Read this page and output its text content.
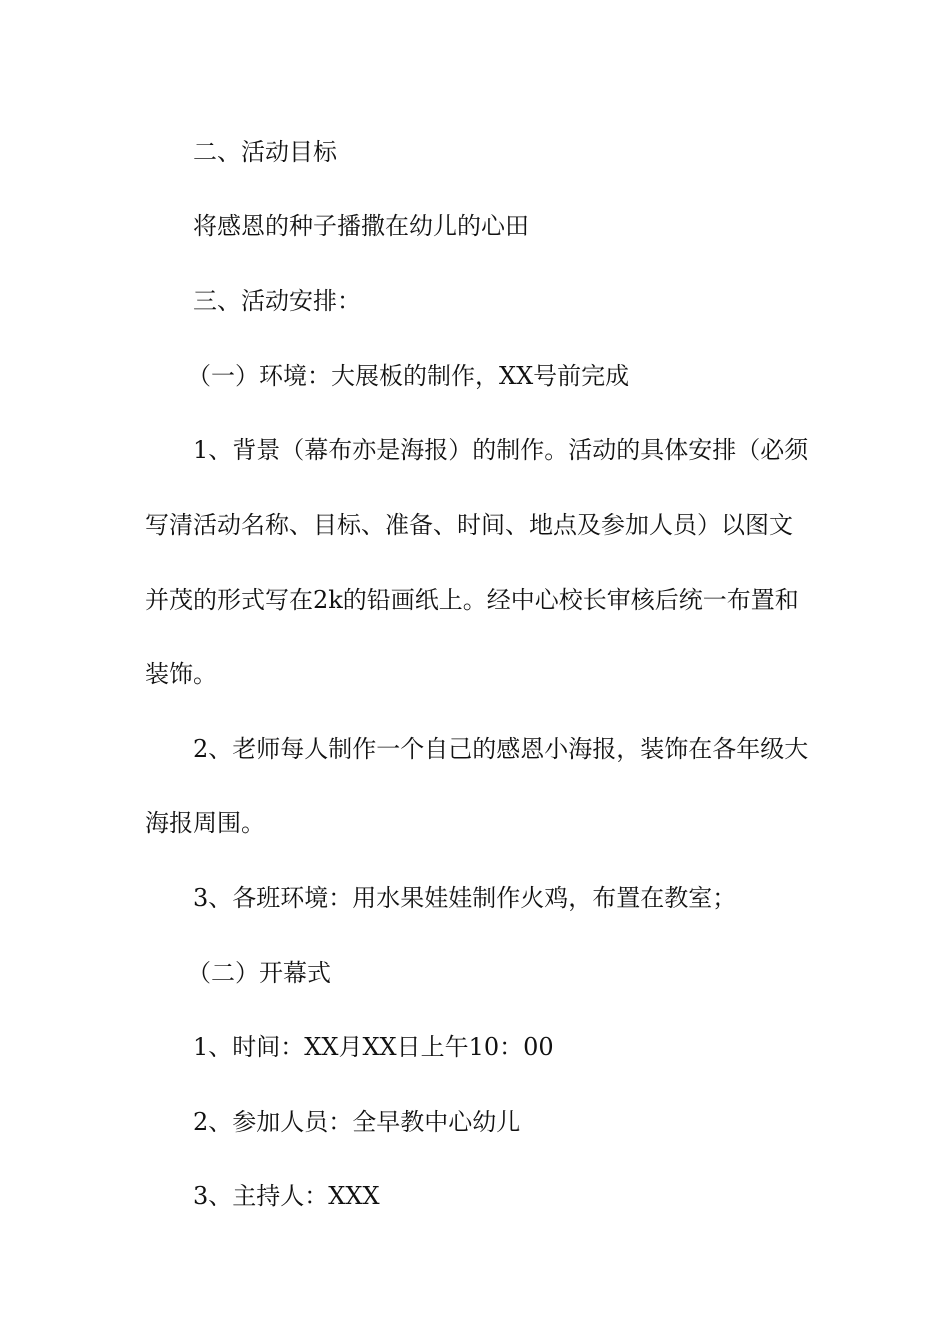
二、活动目标

将感恩的种子播撒在幼儿的心田

三、活动安排：

（一）环境：大展板的制作，XX号前完成

1、背景（幕布亦是海报）的制作。活动的具体安排（必须

写清活动名称、目标、准备、时间、地点及参加人员）以图文

并茂的形式写在2k的铅画纸上。经中心校长审核后统一布置和

装饰。

2、老师每人制作一个自己的感恩小海报，装饰在各年级大

海报周围。

3、各班环境：用水果娃娃制作火鸡，布置在教室；

（二）开幕式

1、时间：XX月XX日上午10：00

2、参加人员：全早教中心幼儿

3、主持人：XXX
